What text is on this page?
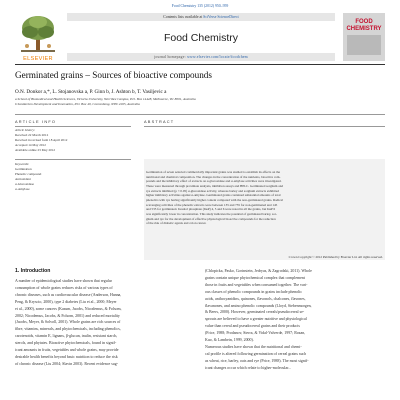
Food Chemistry 135 (2012) 950–959
ELSEVIER
Contents lists available at SciVerse ScienceDirect
Food Chemistry
journal homepage: www.elsevier.com/locate/foodchem
FOOD
CHEMISTRY
Germinated grains – Sources of bioactive compounds
O.N. Donkor a,*, L. Stojanovska a, P. Ginn b, J. Ashton b, T. Vasiljevic a
a School of Biomedical and Health Sciences, Victoria University, Werribee Campus, P.O. Box 14428, Melbourne, Vic 8001, Australia
b Sanitarium Development and Innovation, P.O. Box 40, Cooranbong, NSW 2265, Australia
ARTICLE INFO
Article history:
Received 22 March 2012
Received in revised form 18 April 2012
Accepted 14 May 2012
Available online 23 May 2012
Keywords:
Germination
Phenolic compound
Antioxidant
α-Glucosidase
α-Amylase
ABSTRACT
Germination of seven selected commercially important grains was studied to establish its effects on the
nutritional and chemical composition. The changes in the concentration of the nutrients, bioactive com-
pounds and the inhibitory effect of extracts on α-glucosidase and α-amylase activities were investigated.
These were measured through proximate analysis, inhibition assays and HPLC. Germinated sorghum and
rye extracts inhibited (p < 0.05) α-glucosidase activity, whereas barley and sorghum extracts exhibited
higher inhibitory activities against α-amylase. Germinated grains contained substantial amounts of total
phenolics with rye having significantly higher content compared with the non-germinated grains. Radical
scavenging activities of the phenolic extracts were between 135 and 735 for non-germinated and 145
and 535 for germinated. Inositol phosphate (InsP) 4, 5 and 6 were noted in all the grains, but InsP 6
was significantly lower in concentration. This study indicates the potential of germinated barley, sor-
ghum and rye for the development of effective physiological bioactive compounds for the reduction
of the risk of diabetic agents and colon cancer.
Crown Copyright © 2012 Published by Elsevier Ltd. All rights reserved.
1. Introduction
A number of epidemiological studies have shown that regular
consumption of whole grains reduces risks of various types of
chronic diseases, such as cardiovascular disease (Anderson, Hanna,
Peng, & Kryscio, 2000), type 2 diabetes (Liu et al., 2000; Meyer
et al., 2000), some cancers (Kasum, Jacobs, Nicodemus, & Folsom,
2002; Nicodemus, Jacobs, & Folsom, 2001) and reduced mortality
(Jacobs, Meyer, & Solvoll, 2001). Whole grains are rich sources of
fibre, vitamins, minerals, and phytochemicals, including phenolics,
carotenoids, vitamin E, lignans, β-glucan, inulin, resistant starch,
sterols, and phytates. Bioactive phytochemicals, found in signif-
icant amounts in fruits, vegetables and whole grains, may provide
desirable health benefits beyond basic nutrition to reduce the risk
of chronic disease (Liu 2004; Slavin 2003). Recent evidence sug-
(Chlopicka, Pasko, Gorinstein, Jedryas, & Zagrodzki, 2011). Whole
grains contain unique phytochemical complex that complement
those in fruits and vegetables when consumed together. The vari-
ous classes of phenolic compounds in grains include phenolic
acids, anthocyanidins, quinones, flavonols, chalcones, flavones,
flavanones, and amino phenolic compounds (Lloyd, Siebenmorgen,
& Beers, 2000). However, germinated cereals/pseudocereal se-
sprouts are believed to have a greater nutritive and physiological
value than cereal and pseudocereal grains and their products
(Frice, 1988; Prodanov, Sierra, & Vidal-Valverde, 1997; Rozan,
Kuo, & Lambein, 1999, 2000).
Numerous studies have shown that the nutritional and chemi-
cal profile is altered following germination of cereal grains such
as wheat, rice, barley, oats and rye (Price, 1988). The most signif-
icant changes occur which relate to higher-molecular...
